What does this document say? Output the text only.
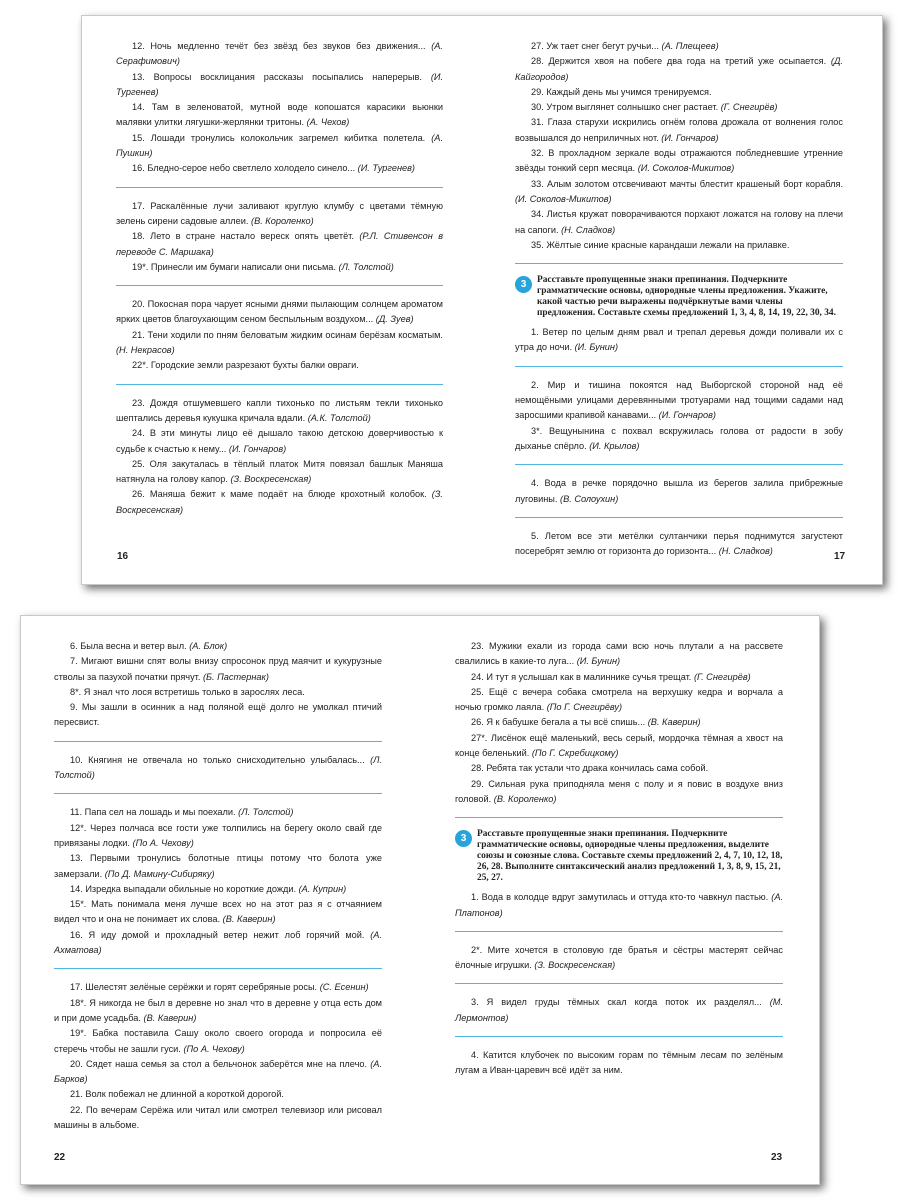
12. Ночь медленно течёт без звёзд без звуков без движения... (А. Серафимович)

13. Вопросы восклицания рассказы посыпались наперерыв. (И. Тургенев)

14. Там в зеленоватой, мутной воде копошатся карасики вьюнки малявки улитки лягушки-жерлянки тритоны. (А. Чехов)

15. Лошади тронулись колокольчик загремел кибитка полетела. (А. Пушкин)

16. Бледно-серое небо светлело холодело синело... (И. Тургенев)

17. Раскалённые лучи заливают круглую клумбу с цветами тёмную зелень сирени садовые аллеи. (В. Короленко)

18. Лето в стране настало вереск опять цветёт. (Р.Л. Стивенсон в переводе С. Маршака)

19*. Принесли им бумаги написали они письма. (Л. Толстой)

20. Покосная пора чарует ясными днями пылающим солнцем ароматом ярких цветов благоухающим сеном беспыльным воздухом... (Д. Зуев)

21. Тени ходили по пням беловатым жидким осинам берёзам косматым. (Н. Некрасов)

22*. Городские земли разрезают бухты балки овраги.

23. Дождя отшумевшего капли тихонько по листьям текли тихонько шептались деревья кукушка кричала вдали. (А.К. Толстой)

24. В эти минуты лицо её дышало такою детскою доверчивостью к судьбе к счастью к нему... (И. Гончаров)

25. Оля закуталась в тёплый платок Митя повязал башлык Маняша натянула на голову капор. (З. Воскресенская)

26. Маняша бежит к маме подаёт на блюде крохотный колобок. (З. Воскресенская)

16

27. Уж тает снег бегут ручьи... (А. Плещеев)

28. Держится хвоя на побеге два года на третий уже осыпается. (Д. Кайгородов)

29. Каждый день мы учимся тренируемся.

30. Утром выглянет солнышко снег растает. (Г. Снегирёв)

31. Глаза старухи искрились огнём голова дрожала от волнения голос возвышался до неприличных нот. (И. Гончаров)

32. В прохладном зеркале воды отражаются побледневшие утренние звёзды тонкий серп месяца. (И. Соколов-Микитов)

33. Алым золотом отсвечивают мачты блестит крашеный борт корабля. (И. Соколов-Микитов)

34. Листья кружат поворачиваются порхают ложатся на голову на плечи на сапоги. (Н. Сладков)

35. Жёлтые синие красные карандаши лежали на прилавке.

3	Расставьте пропущенные знаки препинания. Подчеркните грамматические основы, однородные члены предложения. Укажите, какой частью речи выражены подчёркнутые вами члены предложения. Составьте схемы предложений 1, 3, 4, 8, 14, 19, 22, 30, 34.

1. Ветер по целым дням рвал и трепал деревья дожди поливали их с утра до ночи. (И. Бунин)

2. Мир и тишина покоятся над Выборгской стороной над её немощёными улицами деревянными тротуарами над тощими садами над заросшими крапивой канавами... (И. Гончаров)

3*. Вещунынина с похвал вскружилась голова от радости в зобу дыханье спёрло. (И. Крылов)

4. Вода в речке порядочно вышла из берегов залила прибрежные луговины. (В. Солоухин)

5. Летом все эти метёлки султанчики перья поднимутся загустеют посеребрят землю от горизонта до горизонта... (Н. Сладков)	17

6. Была весна и ветер выл. (А. Блок)

7. Мигают вишни спят волы внизу спросонок пруд маячит и кукурузные стволы за пазухой початки прячут. (Б. Пастернак)

8*. Я знал что лося встретишь только в зарослях леса.

9. Мы зашли в осинник а над поляной ещё долго не умолкал птичий пересвист.

10. Княгиня не отвечала но только снисходительно улыбалась... (Л. Толстой)

11. Папа сел на лошадь и мы поехали. (Л. Толстой)

12*. Через полчаса все гости уже толпились на берегу около свай где привязаны лодки. (По А. Чехову)

13. Первыми тронулись болотные птицы потому что болота уже замерзали. (По Д. Мамину-Сибиряку)

14. Изредка выпадали обильные но короткие дожди. (А. Куприн)

15*. Мать понимала меня лучше всех но на этот раз я с отчаянием видел что и она не понимает их слова. (В. Каверин)

16. Я иду домой и прохладный ветер нежит лоб горячий мой. (А. Ахматова)

17. Шелестят зелёные серёжки и горят серебряные росы. (С. Есенин)

18*. Я никогда не был в деревне но знал что в деревне у отца есть дом и при доме усадьба. (В. Каверин)

19*. Бабка поставила Сашу около своего огорода и попросила её стеречь чтобы не зашли гуси. (По А. Чехову)

20. Сядет наша семья за стол а бельчонок заберётся мне на плечо. (А. Барков)

21. Волк побежал не длинной а короткой дорогой.

22. По вечерам Серёжа или читал или смотрел телевизор или рисовал машины в альбоме.

22

23. Мужики ехали из города сами всю ночь плутали а на рассвете свалились в какие-то луга... (И. Бунин)

24. И тут я услышал как в малиннике сучья трещат. (Г. Снегирёв)

25. Ещё с вечера собака смотрела на верхушку кедра и ворчала а ночью громко лаяла. (По Г. Снегирёву)

26. Я к бабушке бегала а ты всё спишь... (В. Каверин)

27*. Лисёнок ещё маленький, весь серый, мордочка тёмная а хвост на конце беленький. (По Г. Скребицкому)

28. Ребята так устали что драка кончилась сама собой.

29. Сильная рука приподняла меня с полу и я повис в воздухе вниз головой. (В. Короленко)

3	Расставьте пропущенные знаки препинания. Подчеркните грамматические основы, однородные члены предложения, выделите союзы и союзные слова. Составьте схемы предложений 2, 4, 7, 10, 12, 18, 26, 28. Выполните синтаксический анализ предложений 1, 3, 8, 9, 15, 21, 25, 27.

1. Вода в колодце вдруг замутилась и оттуда кто-то чавкнул пастью. (А. Платонов)

2*. Мите хочется в столовую где братья и сёстры мастерят сейчас ёлочные игрушки. (З. Воскресенская)

3. Я видел груды тёмных скал когда поток их разделял... (М. Лермонтов)

4. Катится клубочек по высоким горам по тёмным лесам по зелёным лугам а Иван-царевич всё идёт за ним.

23
